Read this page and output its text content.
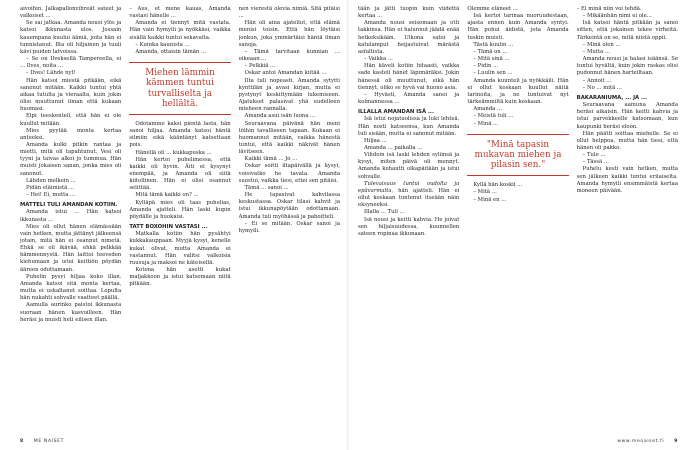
aivoihin. Jalkapallonvihreät sateet ja valkoiset ...

Se sai jatkaa. Amanda nousi ylös ja katsoi ikkunasta ulos. Jossain kauempana kuului ääniä, joita hän ei tunnistanut. Ilta oli hiljainen ja tuuli kävi puiden latvoissa.

– Se on Ilveksellä Tampereella, ei ... Ilves, noita ...

– Ilves! Lähde nyt!

Hän katsoi miestä pitkään, eikä sanonut mitään. Kaikki tuntui yhtä aikaa tutulta ja vieraalta, kuin jokin olisi muuttunut ilman että kukaan huomasi.

Elpi teeskenteli, että hän ei ole kuullut mitään.

Mies pyytää monta kertaa anteeksi.

Amanda kulki pitkin rantaa ja mietti, mitä oli tapahtunut. Vesi oli tyyni ja taivas alkoi jo tummua. Hän muisti jokaisen sanan, jonka mies oli sanonut.

Lähden melkein ...

Pidän eläimistä ...

– Hei! Ei, mutta ...

MATTELI TULI AMANDAN KOTIIN.

Amanda istui ... Hän katsoi ikkunasta ...

Mies oli ollut hänen elämässään vain hetken, mutta jättänyt jälkeensä jotain, mitä hän ei osannut nimetä. Ehkä se oli ikävää, ehkä pelkkää hämmennystä. Hän laittoi teeveden kiehumaan ja istui keittiön pöydän ääreen odottamaan.

Puhelin pysyi hiljaa koko illan. Amanda katsoi sitä monta kertaa, mutta ei uskaltanut soittaa. Lopulta hän nukahti sohvalle vaatteet päällä.

Aamulla aurinko paistoi ikkunasta suoraan hänen kasvoilleen. Hän heräsi ja muisti heti eilisen illan.

– Aus, et mene kauas, Amanda vastasi hänelle ...

Amanda ei tiennyt mitä vastata. Hän vain hymyili ja nyökkäsi, vaikka sisällä kaikki tuntui sekavalta.

– Kuinka kaunista ...

Amanda, ottaisin tämän ...

Miehen lämmin kämmen tuntui turvalliselta ja hellältä.

Odotamme kaksi pientä lasta, hän sanoi hiljaa. Amanda katsoi häntä silmiin eikä kääntänyt katsettaan pois.

Hänellä oli ... kukkapuska ...

Hän kertoi puhelimessa, että kaikki oli hyvin. Äiti ei kysynyt enempää, ja Amanda oli siitä kiitollinen. Hän ei olisi osannut selittää.

Mitä tämä kaikki on? ...

Kylläpä mies oli taas puhelias, Amanda ajatteli. Hän laski kupin pöydälle ja huokaisi.

TATT BOXOHIN VASTASI ...

Matkalla kotiin hän pysähtyi kukkakauppaan. Myyjä kysyi, kenelle kukat olivat, mutta Amanda ei vastannut. Hän valitsi valkoisia ruusuja ja maksoi ne käteisellä.

Kotona hän asetti kukat maljakkoon ja istui katsomaan niitä pitkään.

nen vierestä olevia nimiä. Sitä pitäisi ...

Hän oli aina ajatellut, että elämä menisi toisin. Että hän löytäisi jonkun, joka ymmärtäisi häntä ilman sanoja.

– Tämä tarvitaan kunnian ... oikeaan ...

– Pelkkiä ...

Oskar antoi Amandan kiitää ...

Ilta tuli nopeasti. Amanda sytytti kynttilän ja avasi kirjan, mutta ei pystynyt keskittymään lukemiseen. Ajatukset palasivat yhä uudelleen mieheen rannalla.

Amanda asui isän luona ...

Seuraavana päivänä hän meni töihin tavalliseen tapaan. Kukaan ei huomannut mitään, vaikka hänestä tuntui, että kaikki näkivät hänen lävitseen.

Kaikki tämä ... Jo ...

Oskar soitti iltapäivällä ja kysyi, voisivatko he tavata. Amanda suostui, vaikka tiesi, ettei sen pitäisi.

Tämä ... sanoi ...

He tapasivat kahvilassa keskustassa. Oskar tilasi kahvit ja istui ikkunapöytään odottamaan. Amanda tuli myöhässä ja pahoitteli.

– Ei se mitään, Oskar sanoi ja hymyili.

8 ME NAISET

tään ja jätti tuopin kuin viidettä kertaa ...

Amanda nousi seisomaan ja otti takkinsa. Hän ei halunnut jäädä enää hetkeksikään. Ulkona satoi ja katulamput heijastuivat märästä asfaltista.

– Vaikka ...

Hän käveli kotiin hitaasti, vaikka sade kasteli hänet läpimäräksi. Jokin hänessä oli muuttunut, eikä hän tiennyt, oliko se hyvä vai huono asia.

– Hyvästi, Amanda sanoi ja kolmannessa ...

ILLALLA AMANDAN ISÄ ...

Isä istui nojatuolissa ja luki lehteä. Hän nosti katseensa, kun Amanda tuli sisään, mutta ei sanonut mitään.

Hiljaa ...

Amanda ... paikalla ...

Vihdoin isä laski lehden syliinsä ja kysyi, miten päivä oli mennyt. Amanda kohautti olkapäitään ja istui sohvalle.

Tulevaisuus tuntui oudolta ja epävarmalta, hän ajatteli. Hän ei ollut koskaan tuntenut itseään näin eksyneeksi.

Illalla ... Tuli ...

Isä nousi ja keitti kahvia. He joivat sen hiljaisuudessa, kuunnellen sateen ropinaa ikkunaan.

Olemme eläneet ...

Isä kertoi tarinaa nuoruudestaan, ajasta ennen kuin Amanda syntyi. Hän puhui äidistä, jota Amanda tuskin muisti.

Tästä kuulin ...

– Tämä on ...

– Mitä sinä ...

– Pidin ...

– Luulin sen ...

Amanda kuunteli ja nyökkäili. Hän ei ollut koskaan kuullut näitä tarinoita, ja ne tuntuivat nyt tärkeämmiltä kuin koskaan.

Amanda ...

– Meistä tuli ...

– Minä ...

"Minä tapasin mukavan miehen ja pilasin sen."

Kyllä hän koskii ...

– Mitä ...

– Minä en ...

– Ei minä niin voi tehdä.

– Mikäänhän nimi ei ole...

Isä katsoi häntä pitkään ja sanoi sitten, että jokainen tekee virheitä. Tärkeintä on se, mitä niistä oppii.

– Minä olen ...

– Mutta ...

Amanda nousi ja halasi isäänsä. Se tuntui hyvältä, kuin jokin raskas olisi pudonnut hänen harteiltaan.

– Annoit ...

– No ... mitä ...

BAKARANIUMA, ... JA ...

Seuraavana aamuna Amanda heräsi aikaisin. Hän keitti kahvia ja istui parvekkeelle katsomaan, kun kaupunki heräsi eloon.

Hän päätti soittaa miehelle. Se ei ollut helppoa, mutta hän tiesi, että hänen oli pakko.

– Tule ...

– Tässä ...

Puhelu kesti vain hetken, mutta sen jälkeen kaikki tuntui erilaiselta. Amanda hymyili ensimmäistä kertaa moneen päivään.

www.menaiset.fi 9
